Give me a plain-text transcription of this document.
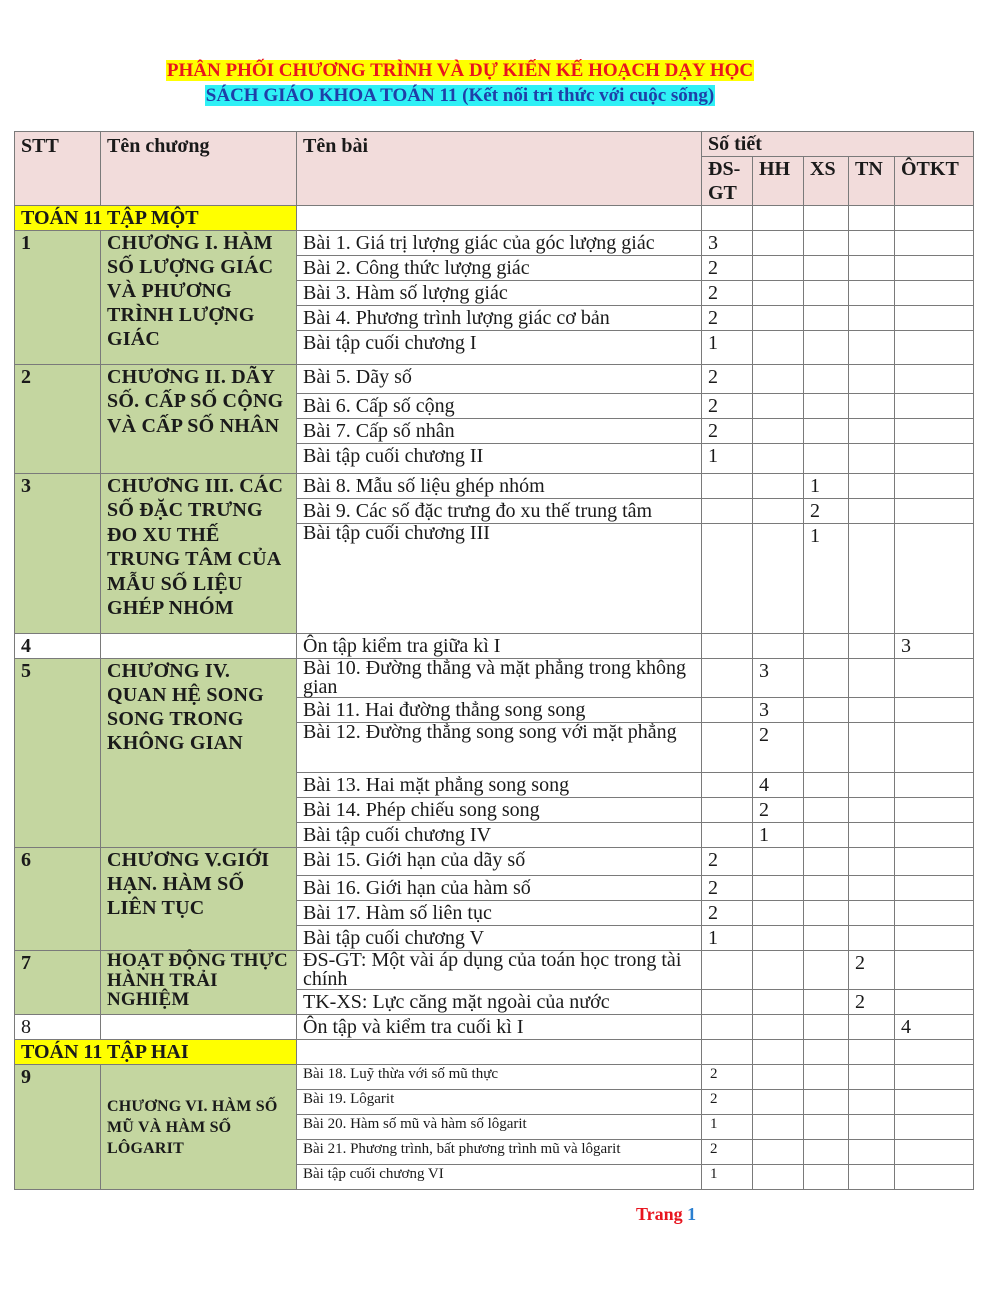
PHÂN PHỐI CHƯƠNG TRÌNH VÀ DỰ KIẾN KẾ HOẠCH DẠY HỌC
SÁCH GIÁO KHOA TOÁN 11 (Kết nối tri thức với cuộc sống)
STT	Tên chương	Tên bài	Số tiết				
			ĐS-GT	HH	XS	TN	ÔTKT
TOÁN 11 TẬP MỘT							
1	CHƯƠNG I. HÀM SỐ LƯỢNG GIÁC VÀ PHƯƠNG TRÌNH LƯỢNG GIÁC	Bài 1. Giá trị lượng giác của góc lượng giác	3				
		Bài 2. Công thức lượng giác	2				
		Bài 3. Hàm số lượng giác	2				
		Bài 4. Phương trình lượng giác cơ bản	2				
		Bài tập cuối chương I	1				
2	CHƯƠNG II. DÃY SỐ. CẤP SỐ CỘNG VÀ CẤP SỐ NHÂN	Bài 5. Dãy số	2				
		Bài 6. Cấp số cộng	2				
		Bài 7. Cấp số nhân	2				
		Bài tập cuối chương II	1				
3	CHƯƠNG III. CÁC SỐ ĐẶC TRƯNG ĐO XU THẾ TRUNG TÂM CỦA MẪU SỐ LIỆU GHÉP NHÓM	Bài 8. Mẫu số liệu ghép nhóm			1		
		Bài 9. Các số đặc trưng đo xu thế trung tâm			2		
		Bài tập cuối chương III			1		
4		Ôn tập kiểm tra giữa kì I					3
5	CHƯƠNG IV. QUAN HỆ SONG SONG TRONG KHÔNG GIAN	Bài 10. Đường thẳng và mặt phẳng trong không gian		3			
		Bài 11. Hai đường thẳng song song		3			
		Bài 12. Đường thẳng song song với mặt phẳng		2			
		Bài 13. Hai mặt phẳng song song		4			
		Bài 14. Phép chiếu song song		2			
		Bài tập cuối chương IV		1			
6	CHƯƠNG V.GIỚI HẠN. HÀM SỐ LIÊN TỤC	Bài 15. Giới hạn của dãy số	2				
		Bài 16. Giới hạn của hàm số	2				
		Bài 17. Hàm số liên tục	2				
		Bài tập cuối chương V	1				
7	HOẠT ĐỘNG THỰC HÀNH TRẢI NGHIỆM	ĐS-GT: Một vài áp dụng của toán học trong tài chính				2	
		TK-XS: Lực căng mặt ngoài của nước				2	
8		Ôn tập và kiểm tra cuối kì I					4
TOÁN 11 TẬP HAI							
9	CHƯƠNG VI. HÀM SỐ MŨ VÀ HÀM SỐ LÔGARIT	Bài 18. Luỹ thừa với số mũ thực	2				
		Bài 19. Lôgarit	2				
		Bài 20. Hàm số mũ và hàm số lôgarit	1				
		Bài 21. Phương trình, bất phương trình mũ và lôgarit	2				
		Bài tập cuối chương VI	1				
Trang 1
